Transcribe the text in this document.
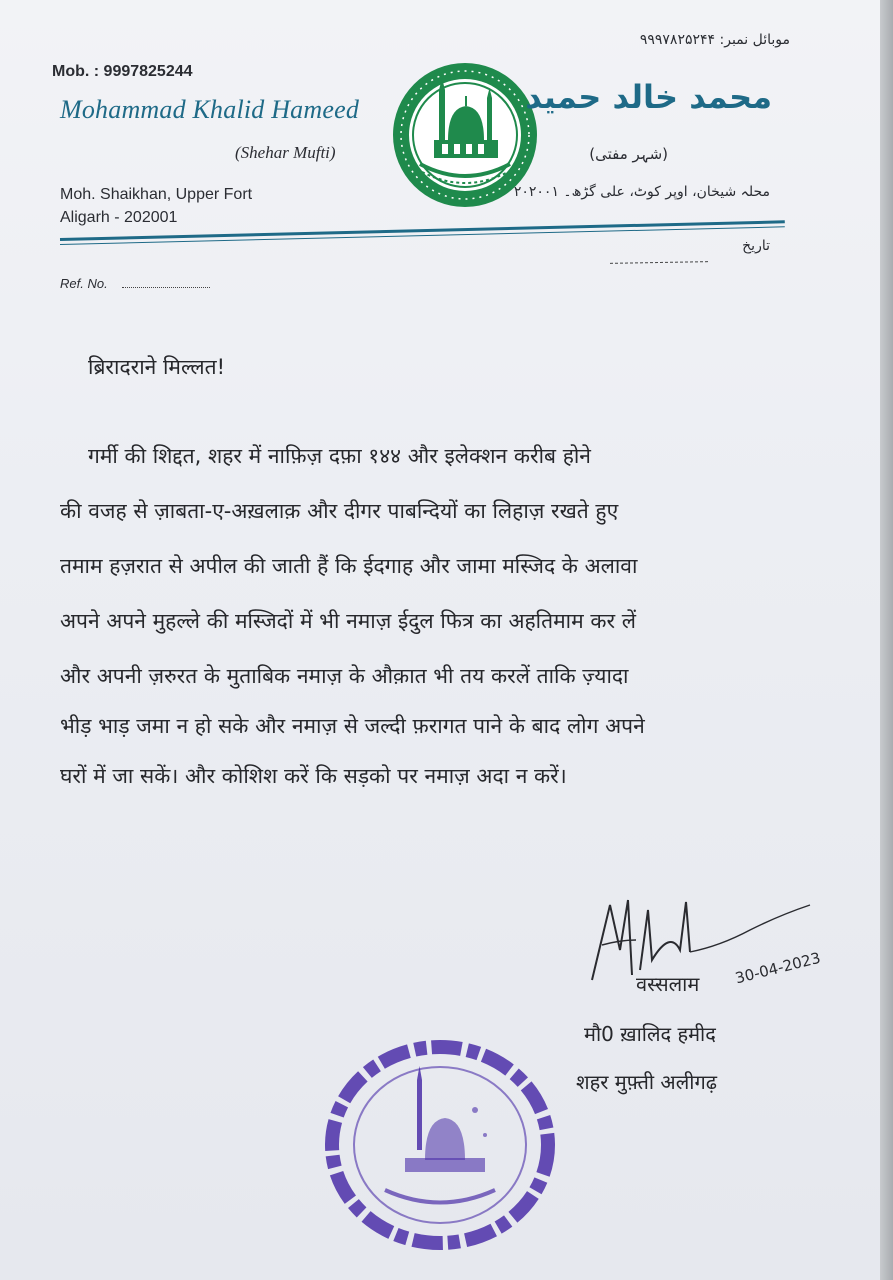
Mob. : 9997825244
Mohammad Khalid Hameed
(Shehar Mufti)
Moh. Shaikhan, Upper Fort
Aligarh - 202001
موبائل نمبر: ۹۹۹۷۸۲۵۲۴۴
محمد خالد حمید
(شہر مفتی)
محلہ شیخان، اوپر کوٹ، علی گڑھ۔ ۲۰۲۰۰۱
تاریخ
Ref. No.
ब्रिरादराने मिल्लत!
गर्मी की शिद्दत, शहर में नाफ़िज़ दफ़ा १४४ और इलेक्शन करीब होने
की वजह से ज़ाबता-ए-अख़लाक़ और दीगर पाबन्दियों का लिहाज़ रखते हुए
तमाम हज़रात से अपील की जाती हैं कि ईदगाह और जामा मस्जिद के अलावा
अपने अपने मुहल्ले की मस्जिदों में भी नमाज़ ईदुल फित्र का अहतिमाम कर लें
और अपनी ज़रुरत के मुताबिक नमाज़ के औक़ात भी तय करलें ताकि ज़्यादा
भीड़ भाड़ जमा न हो सके और नमाज़ से जल्दी फ़रागत पाने के बाद लोग अपने
घरों में जा सकें। और कोशिश करें कि सड़को पर नमाज़ अदा न करें।
30-04-2023
वस्सलाम
मौ0 ख़ालिद हमीद
शहर मुफ़्ती अलीगढ़
